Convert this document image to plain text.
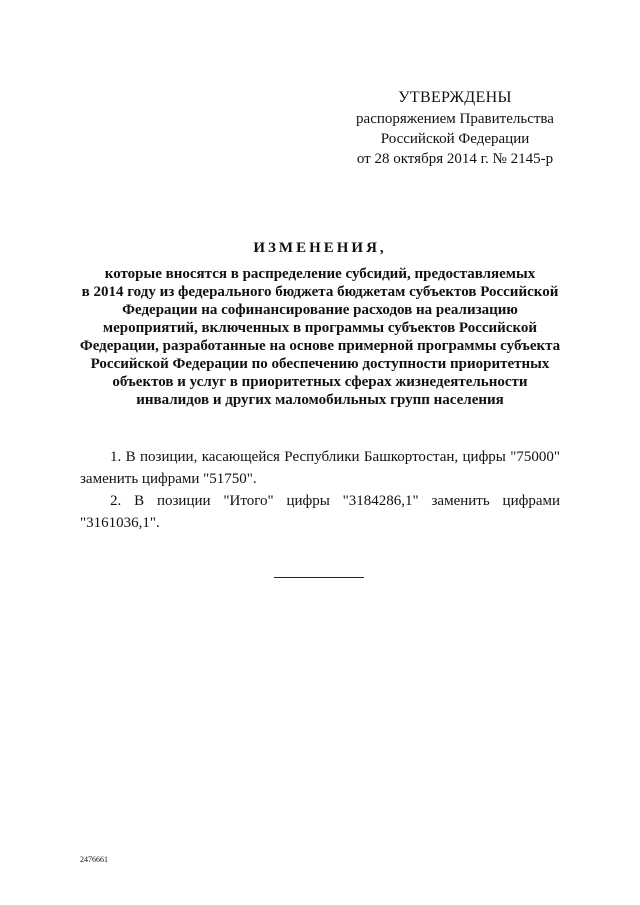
УТВЕРЖДЕНЫ
распоряжением Правительства
Российской Федерации
от 28 октября 2014 г. № 2145-р
ИЗМЕНЕНИЯ,
которые вносятся в распределение субсидий, предоставляемых
в 2014 году из федерального бюджета бюджетам субъектов Российской
Федерации на софинансирование расходов на реализацию
мероприятий, включенных в программы субъектов Российской
Федерации, разработанные на основе примерной программы субъекта
Российской Федерации по обеспечению доступности приоритетных
объектов и услуг в приоритетных сферах жизнедеятельности
инвалидов и других маломобильных групп населения
1. В позиции, касающейся Республики Башкортостан, цифры "75000"
заменить цифрами "51750".
2. В позиции "Итого" цифры "3184286,1" заменить цифрами
"3161036,1".
2476661
